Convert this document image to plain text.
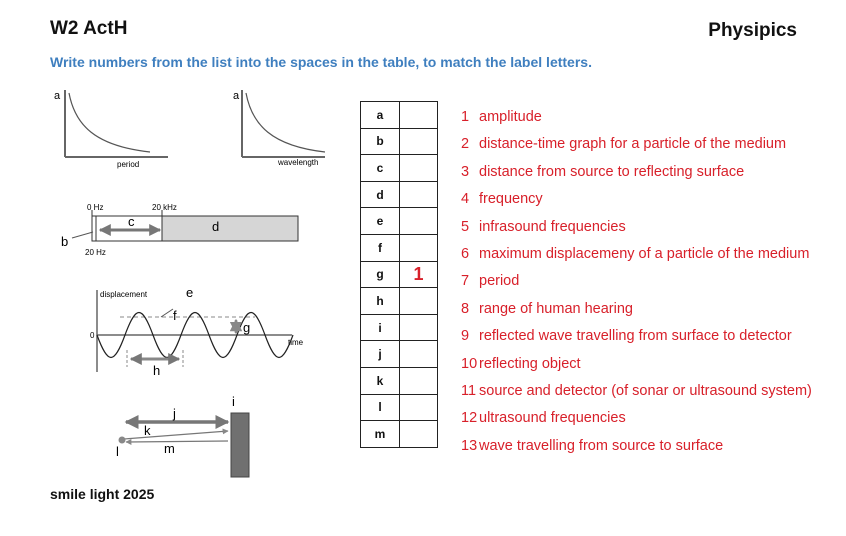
W2 ActH	Physipics
Write numbers from the list into the spaces in the table, to match the label letters.
a
period
a
wavelength
0 Hz	20 kHz
c	d
b
20 Hz
displacement	e
0
time
f
g
h
i
j
k
l	m
a	
b	
c	
d	
e	
f	
g	1
h	
i	
j	
k	
l	
m	
1 amplitude
2 distance-time graph for a particle of the medium
3 distance from source to reflecting surface
4 frequency
5 infrasound frequencies
6 maximum displacemeny of a particle of the medium
7 period
8 range of human hearing
9 reflected wave travelling from surface to detector
10 reflecting object
11 source and detector (of sonar or ultrasound system)
12 ultrasound frequencies
13 wave travelling from source to surface
smile light 2025
